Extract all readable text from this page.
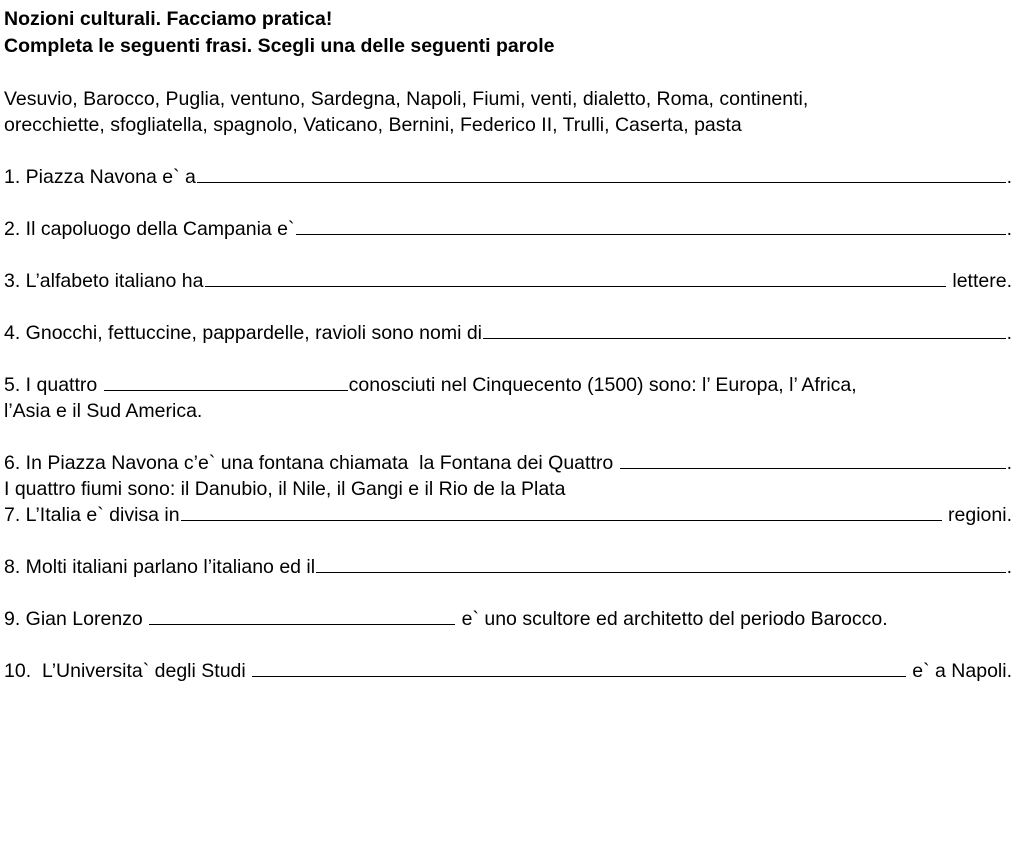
Nozioni culturali. Facciamo pratica!

Completa le seguenti frasi. Scegli una delle seguenti parole

Vesuvio, Barocco, Puglia, ventuno, Sardegna, Napoli, Fiumi, venti, dialetto, Roma, continenti,

orecchiette, sfogliatella, spagnolo, Vaticano, Bernini, Federico II, Trulli, Caserta, pasta

1. Piazza Navona e` a	.
2. Il capoluogo della Campania e`	.
3. L’alfabeto italiano ha	lettere.
4. Gnocchi, fettuccine, pappardelle, ravioli sono nomi di	.
5. I quattro	conosciuti nel Cinquecento (1500) sono: l’ Europa, l’ Africa,

l’Asia e il Sud America.

6. In Piazza Navona c’e` una fontana chiamata  la Fontana dei Quattro	.

I quattro fiumi sono: il Danubio, il Nile, il Gangi e il Rio de la Plata

7. L’Italia e` divisa in	regioni.
8. Molti italiani parlano l’italiano ed il	.
9. Gian Lorenzo	e` uno scultore ed architetto del periodo Barocco.
10.  L’Universita` degli Studi	e` a Napoli.
